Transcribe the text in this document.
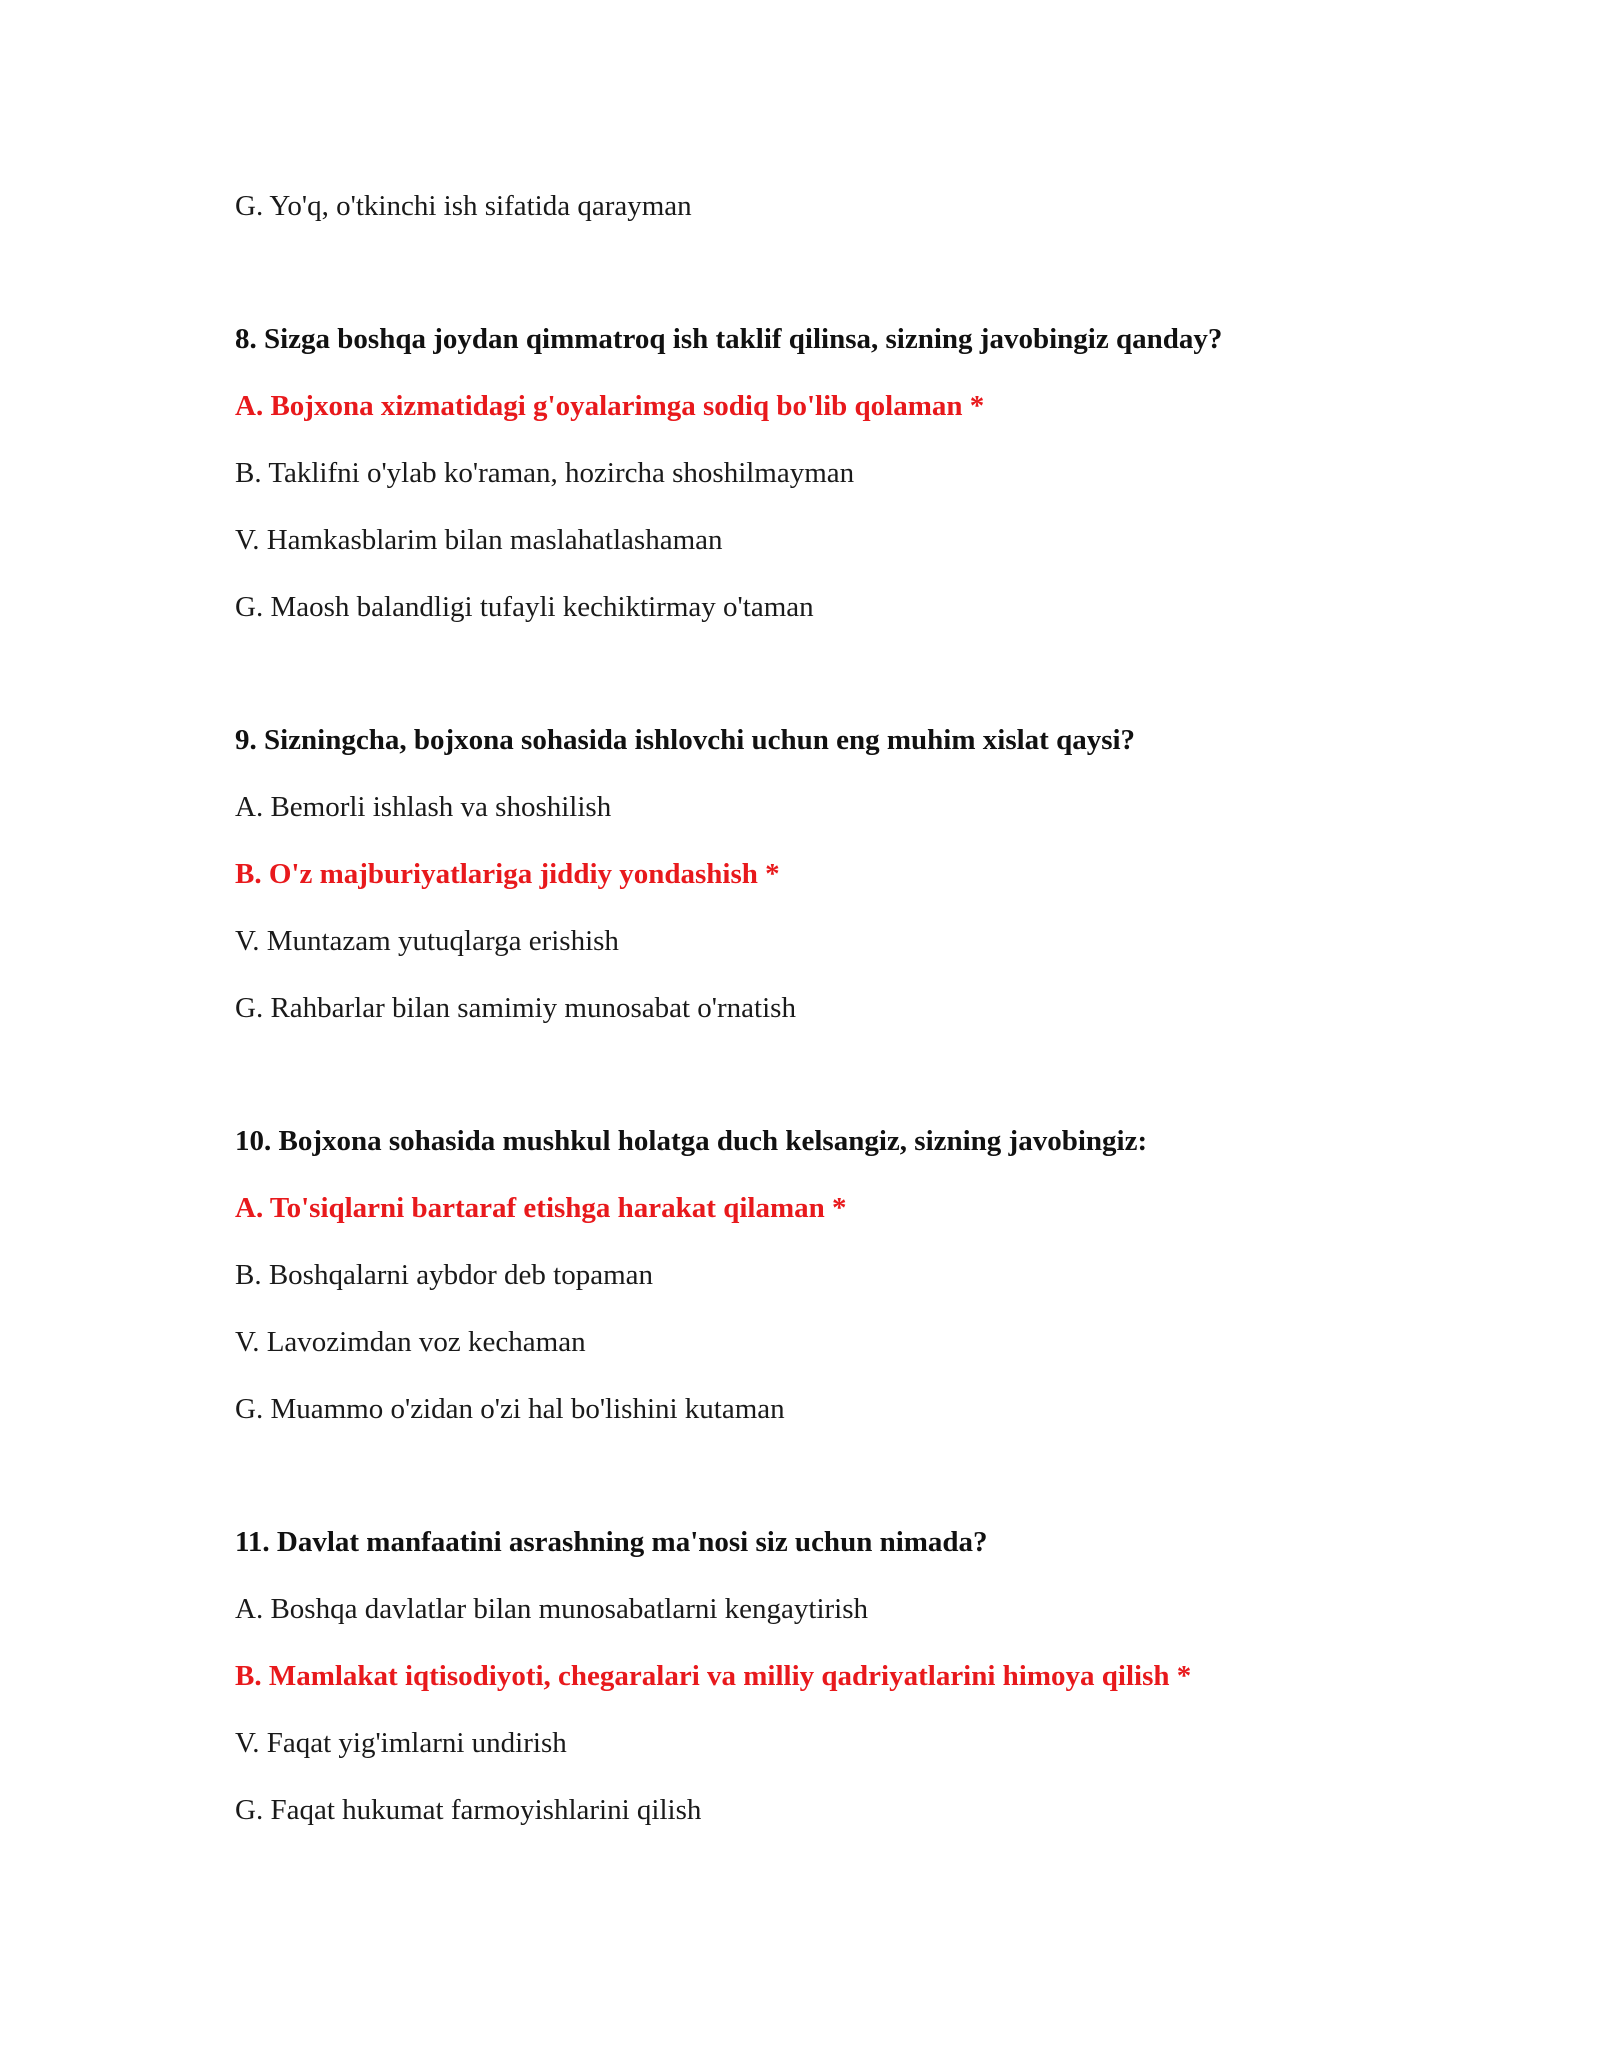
G. Yo'q, o'tkinchi ish sifatida qarayman
8. Sizga boshqa joydan qimmatroq ish taklif qilinsa, sizning javobingiz qanday?
A. Bojxona xizmatidagi g'oyalarimga sodiq bo'lib qolaman *
B. Taklifni o'ylab ko'raman, hozircha shoshilmayman
V. Hamkasblarim bilan maslahatlashaman
G. Maosh balandligi tufayli kechiktirmay o'taman
9. Sizningcha, bojxona sohasida ishlovchi uchun eng muhim xislat qaysi?
A. Bemorli ishlash va shoshilish
B. O'z majburiyatlariga jiddiy yondashish *
V. Muntazam yutuqlarga erishish
G. Rahbarlar bilan samimiy munosabat o'rnatish
10. Bojxona sohasida mushkul holatga duch kelsangiz, sizning javobingiz:
A. To'siqlarni bartaraf etishga harakat qilaman *
B. Boshqalarni aybdor deb topaman
V. Lavozimdan voz kechaman
G. Muammo o'zidan o'zi hal bo'lishini kutaman
11. Davlat manfaatini asrashning ma'nosi siz uchun nimada?
A. Boshqa davlatlar bilan munosabatlarni kengaytirish
B. Mamlakat iqtisodiyoti, chegaralari va milliy qadriyatlarini himoya qilish *
V. Faqat yig'imlarni undirish
G. Faqat hukumat farmoyishlarini qilish
